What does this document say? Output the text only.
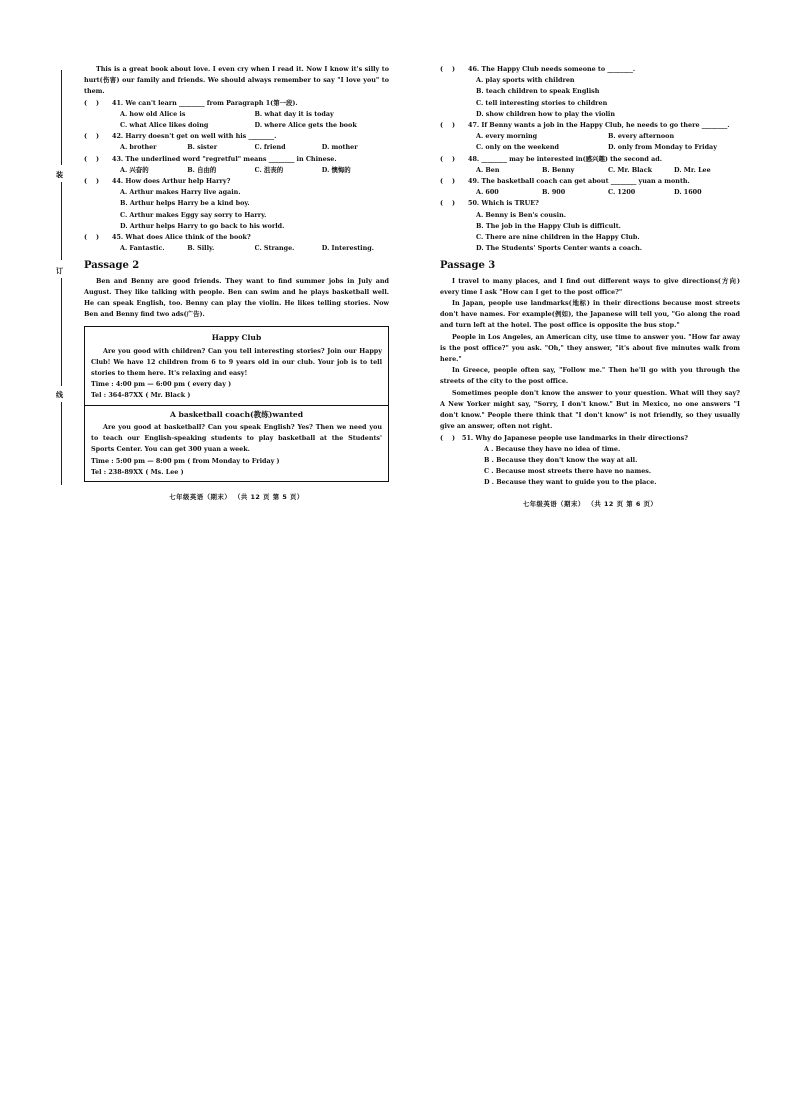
装
订
线

This is a great book about love. I even cry when I read it. Now I know it's silly to hurt(伤害) our family and friends. We should always remember to say "I love you" to them.

( ) 41. We can't learn ________ from Paragraph 1(第一段).

A. how old Alice is	B. what day it is today
C. what Alice likes doing	D. where Alice gets the book

( ) 42. Harry doesn't get on well with his ________.

A. brother	B. sister	C. friend	D. mother

( ) 43. The underlined word "regretful" means ________ in Chinese.

A. 兴奋的	B. 自由的	C. 沮丧的	D. 懊悔的

( ) 44. How does Arthur help Harry?

A. Arthur makes Harry live again.

B. Arthur helps Harry be a kind boy.

C. Arthur makes Eggy say sorry to Harry.

D. Arthur helps Harry to go back to his world.

( ) 45. What does Alice think of the book?

A. Fantastic.	B. Silly.	C. Strange.	D. Interesting.
Passage 2

Ben and Benny are good friends. They want to find summer jobs in July and August. They like talking with people. Ben can swim and he plays basketball well. He can speak English, too. Benny can play the violin. He likes telling stories. Now Ben and Benny find two ads(广告).

Happy Club

Are you good with children? Can you tell interesting stories? Join our Happy Club! We have 12 children from 6 to 9 years old in our club. Your job is to tell stories to them here. It's relaxing and easy!

Time : 4:00 pm — 6:00 pm ( every day )

Tel : 364-87XX ( Mr. Black )

A basketball coach(教练)wanted

Are you good at basketball? Can you speak English? Yes? Then we need you to teach our English-speaking students to play basketball at the Students' Sports Center. You can get 300 yuan a week.

Time : 5:00 pm — 8:00 pm ( from Monday to Friday )

Tel : 238-89XX ( Ms. Lee )

七年级英语（期末） （共 12 页 第 5 页）

( ) 46. The Happy Club needs someone to ________.

A. play sports with children

B. teach children to speak English

C. tell interesting stories to children

D. show children how to play the violin

( ) 47. If Benny wants a job in the Happy Club, he needs to go there ________.

A. every morning	B. every afternoon
C. only on the weekend	D. only from Monday to Friday

( ) 48. ________ may be interested in(感兴趣) the second ad.

A. Ben	B. Benny	C. Mr. Black	D. Mr. Lee

( ) 49. The basketball coach can get about ________ yuan a month.

A. 600	B. 900	C. 1200	D. 1600

( ) 50. Which is TRUE?

A. Benny is Ben's cousin.

B. The job in the Happy Club is difficult.

C. There are nine children in the Happy Club.

D. The Students' Sports Center wants a coach.

Passage 3

I travel to many places, and I find out different ways to give directions(方向) every time I ask "How can I get to the post office?"

In Japan, people use landmarks(地标) in their directions because most streets don't have names. For example(例如), the Japanese will tell you, "Go along the road and turn left at the hotel. The post office is opposite the bus stop."

People in Los Angeles, an American city, use time to answer you. "How far away is the post office?" you ask. "Oh," they answer, "it's about five minutes walk from here."

In Greece, people often say, "Follow me." Then he'll go with you through the streets of the city to the post office.

Sometimes people don't know the answer to your question. What will they say? A New Yorker might say, "Sorry, I don't know." But in Mexico, no one answers "I don't know." People there think that "I don't know" is not friendly, so they usually give an answer, often not right.

( ) 51. Why do Japanese people use landmarks in their directions?

A . Because they have no idea of time.

B . Because they don't know the way at all.

C . Because most streets there have no names.

D . Because they want to guide you to the place.

七年级英语（期末） （共 12 页 第 6 页）
